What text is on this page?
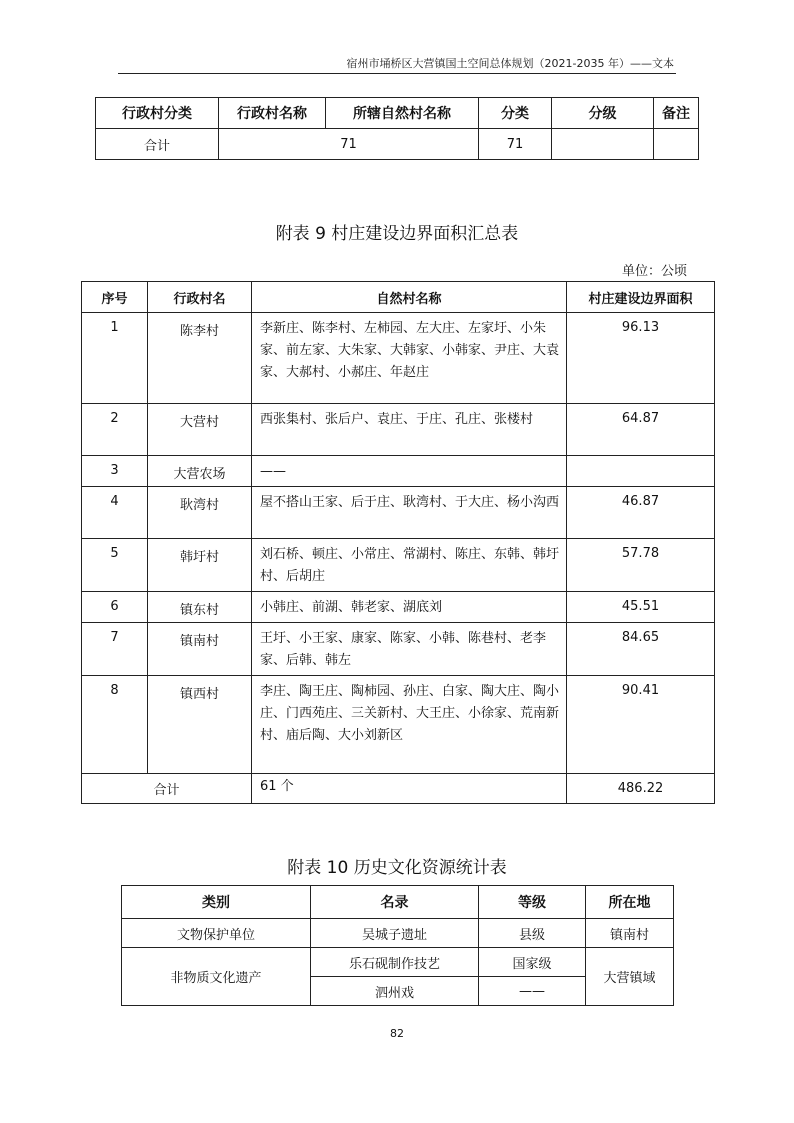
宿州市埇桥区大营镇国土空间总体规划（2021-2035 年）——文本
行政村分类	行政村名称	所辖自然村名称	分类	分级	备注
合计	71		71		
附表 9 村庄建设边界面积汇总表
单位：公顷
序号	行政村名	自然村名称	村庄建设边界面积
1	陈李村	李新庄、陈李村、左柿园、左大庄、左家圩、小朱家、前左家、大朱家、大韩家、小韩家、尹庄、大袁家、大郝村、小郝庄、年赵庄	96.13
2	大营村	西张集村、张后户、袁庄、于庄、孔庄、张楼村	64.87
3	大营农场	——	
4	耿湾村	屋不搭山王家、后于庄、耿湾村、于大庄、杨小沟西	46.87
5	韩圩村	刘石桥、顿庄、小常庄、常湖村、陈庄、东韩、韩圩村、后胡庄	57.78
6	镇东村	小韩庄、前湖、韩老家、湖底刘	45.51
7	镇南村	王圩、小王家、康家、陈家、小韩、陈巷村、老李家、后韩、韩左	84.65
8	镇西村	李庄、陶王庄、陶柿园、孙庄、白家、陶大庄、陶小庄、门西苑庄、三关新村、大王庄、小徐家、荒南新村、庙后陶、大小刘新区	90.41
合计		61 个	486.22
附表 10 历史文化资源统计表
类别	名录	等级	所在地
文物保护单位	吴城子遗址	县级	镇南村
非物质文化遗产	乐石砚制作技艺	国家级	大营镇域
	泗州戏	——	
82
